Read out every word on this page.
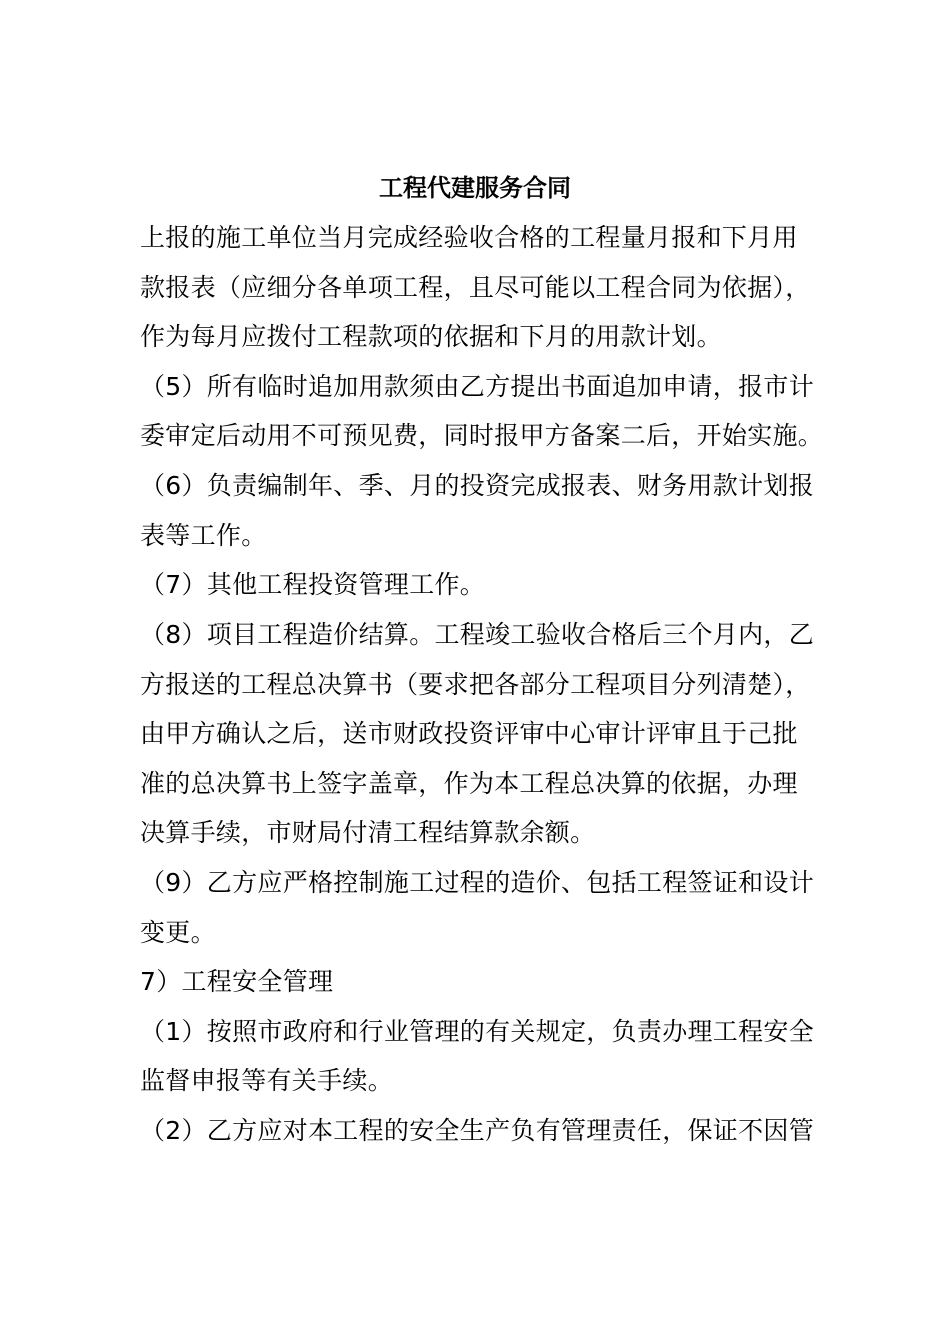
工程代建服务合同
上报的施工单位当月完成经验收合格的工程量月报和下月用
款报表（应细分各单项工程，且尽可能以工程合同为依据），
作为每月应拨付工程款项的依据和下月的用款计划。
（5）所有临时追加用款须由乙方提出书面追加申请，报市计
委审定后动用不可预见费，同时报甲方备案二后，开始实施。
（6）负责编制年、季、月的投资完成报表、财务用款计划报
表等工作。
（7）其他工程投资管理工作。
（8）项目工程造价结算。工程竣工验收合格后三个月内，乙
方报送的工程总决算书（要求把各部分工程项目分列清楚），
由甲方确认之后，送市财政投资评审中心审计评审且于己批
准的总决算书上签字盖章，作为本工程总决算的依据，办理
决算手续，市财局付清工程结算款余额。
（9）乙方应严格控制施工过程的造价、包括工程签证和设计
变更。
7）工程安全管理
（1）按照市政府和行业管理的有关规定，负责办理工程安全
监督申报等有关手续。
（2）乙方应对本工程的安全生产负有管理责任，保证不因管
